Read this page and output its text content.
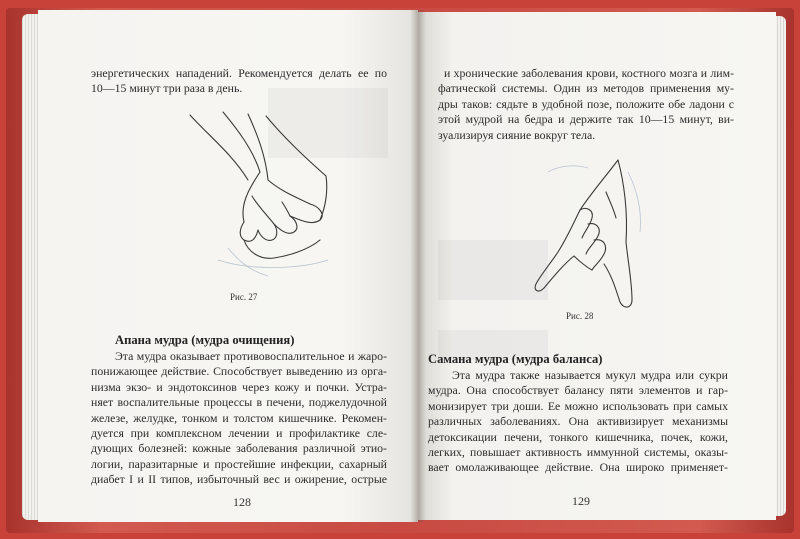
энергетических нападений. Рекомендуется делать ее по
10—15 минут три раза в день.
Рис. 27
Апана мудра (мудра очищения)
Эта мудра оказывает противовоспалительное и жаро-
понижающее действие. Способствует выведению из орга-
низма экзо- и эндотоксинов через кожу и почки. Устра-
няет воспалительные процессы в печени, поджелудочной
железе, желудке, тонком и толстом кишечнике. Рекомен-
дуется при комплексном лечении и профилактике сле-
дующих болезней: кожные заболевания различной этио-
логии, паразитарные и простейшие инфекции, сахарный
диабет I и II типов, избыточный вес и ожирение, острые
128
и хронические заболевания крови, костного мозга и лим-
фатической системы. Один из методов применения му-
дры таков: сядьте в удобной позе, положите обе ладони с
этой мудрой на бедра и держите так 10—15 минут, ви-
зуализируя сияние вокруг тела.
Рис. 28
Самана мудра (мудра баланса)
Эта мудра также называется мукул мудра или сукри
мудра. Она способствует балансу пяти элементов и гар-
монизирует три доши. Ее можно использовать при самых
различных заболеваниях. Она активизирует механизмы
детоксикации печени, тонкого кишечника, почек, кожи,
легких, повышает активность иммунной системы, оказы-
вает омолаживающее действие. Она широко применяет-
129
